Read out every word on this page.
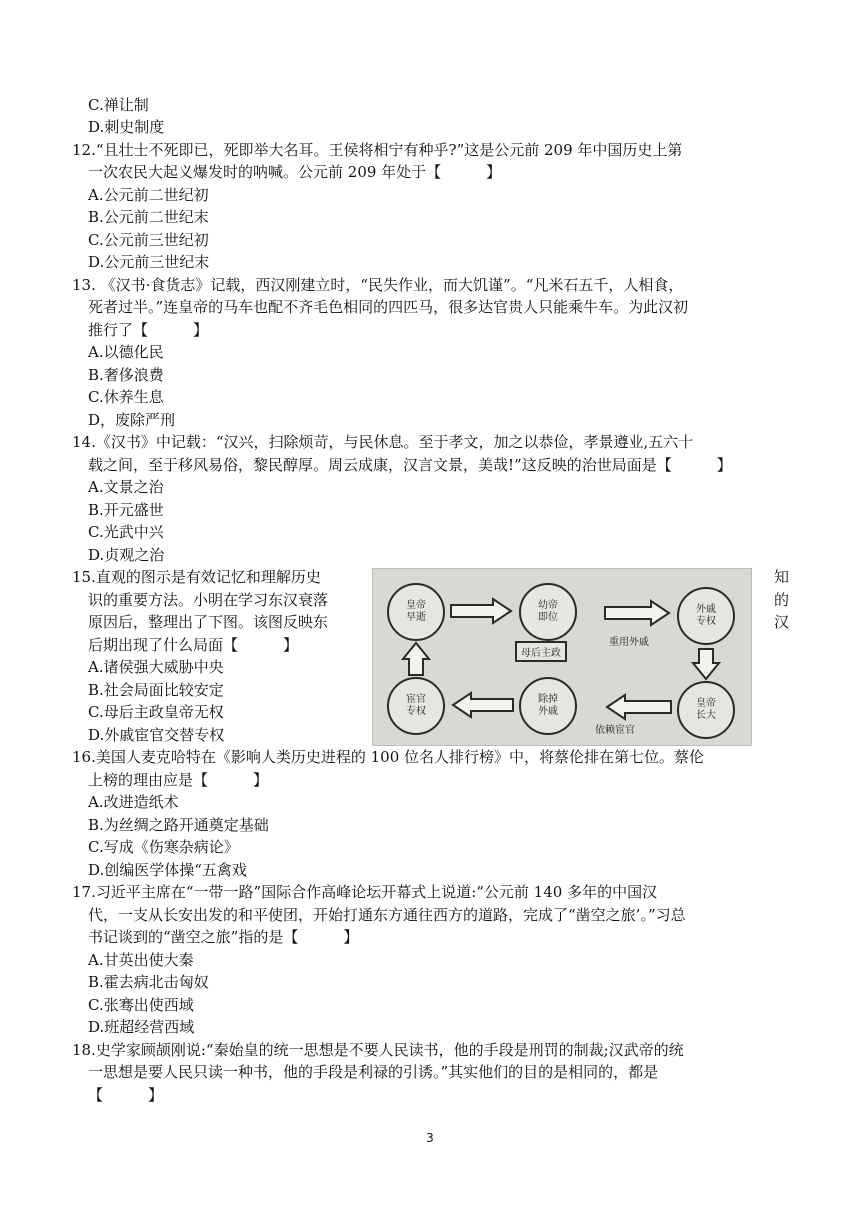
C.禅让制
D.刺史制度
12.“且壮士不死即已，死即举大名耳。王侯将相宁有种乎?”这是公元前 209 年中国历史上第
一次农民大起义爆发时的呐喊。公元前 209 年处于【　　　】
A.公元前二世纪初
B.公元前二世纪末
C.公元前三世纪初
D.公元前三世纪末
13. 《汉书·食货志》记载，西汉刚建立时，“民失作业，而大饥谨”。“凡米石五千，人相食，
死者过半。”连皇帝的马车也配不齐毛色相同的四匹马，很多达官贵人只能乘牛车。为此汉初
推行了【　　　】
A.以德化民
B.奢侈浪费
C.休养生息
D，废除严刑
14.《汉书》中记载：“汉兴，扫除烦苛，与民休息。至于孝文，加之以恭俭，孝景遵业,五六十
载之间，至于移风易俗，黎民醇厚。周云成康，汉言文景，美哉!”这反映的治世局面是【　　　】
A.文景之治
B.开元盛世
C.光武中兴
D.贞观之治
15.直观的图示是有效记忆和理解历史
识的重要方法。小明在学习东汉衰落
原因后，整理出了下图。该图反映东
后期出现了什么局面【　　　】
A.诸侯强大威胁中央
B.社会局面比较安定
C.母后主政皇帝无权
D.外戚宦官交替专权
知
的
汉
皇帝
早逝
幼帝
即位
外戚
专权
皇帝
长大
除掉
外戚
宦官
专权
母后主政
重用外戚
依赖宦官
16.美国人麦克哈特在《影响人类历史进程的 100 位名人排行榜》中，将蔡伦排在第七位。蔡伦
上榜的理由应是【　　　】
A.改进造纸术
B.为丝绸之路开通奠定基础
C.写成《伤寒杂病论》
D.创编医学体操“五禽戏
17.习近平主席在“一带一路”国际合作高峰论坛开幕式上说道:“公元前 140 多年的中国汉
代，一支从长安出发的和平使团，开始打通东方通往西方的道路，完成了“凿空之旅’。”习总
书记谈到的“凿空之旅”指的是【　　　】
A.甘英出使大秦
B.霍去病北击匈奴
C.张骞出使西域
D.班超经营西域
18.史学家顾颉刚说:“秦始皇的统一思想是不要人民读书，他的手段是刑罚的制裁;汉武帝的统
一思想是要人民只读一种书，他的手段是利禄的引诱。”其实他们的目的是相同的，都是
【　　　】
3
